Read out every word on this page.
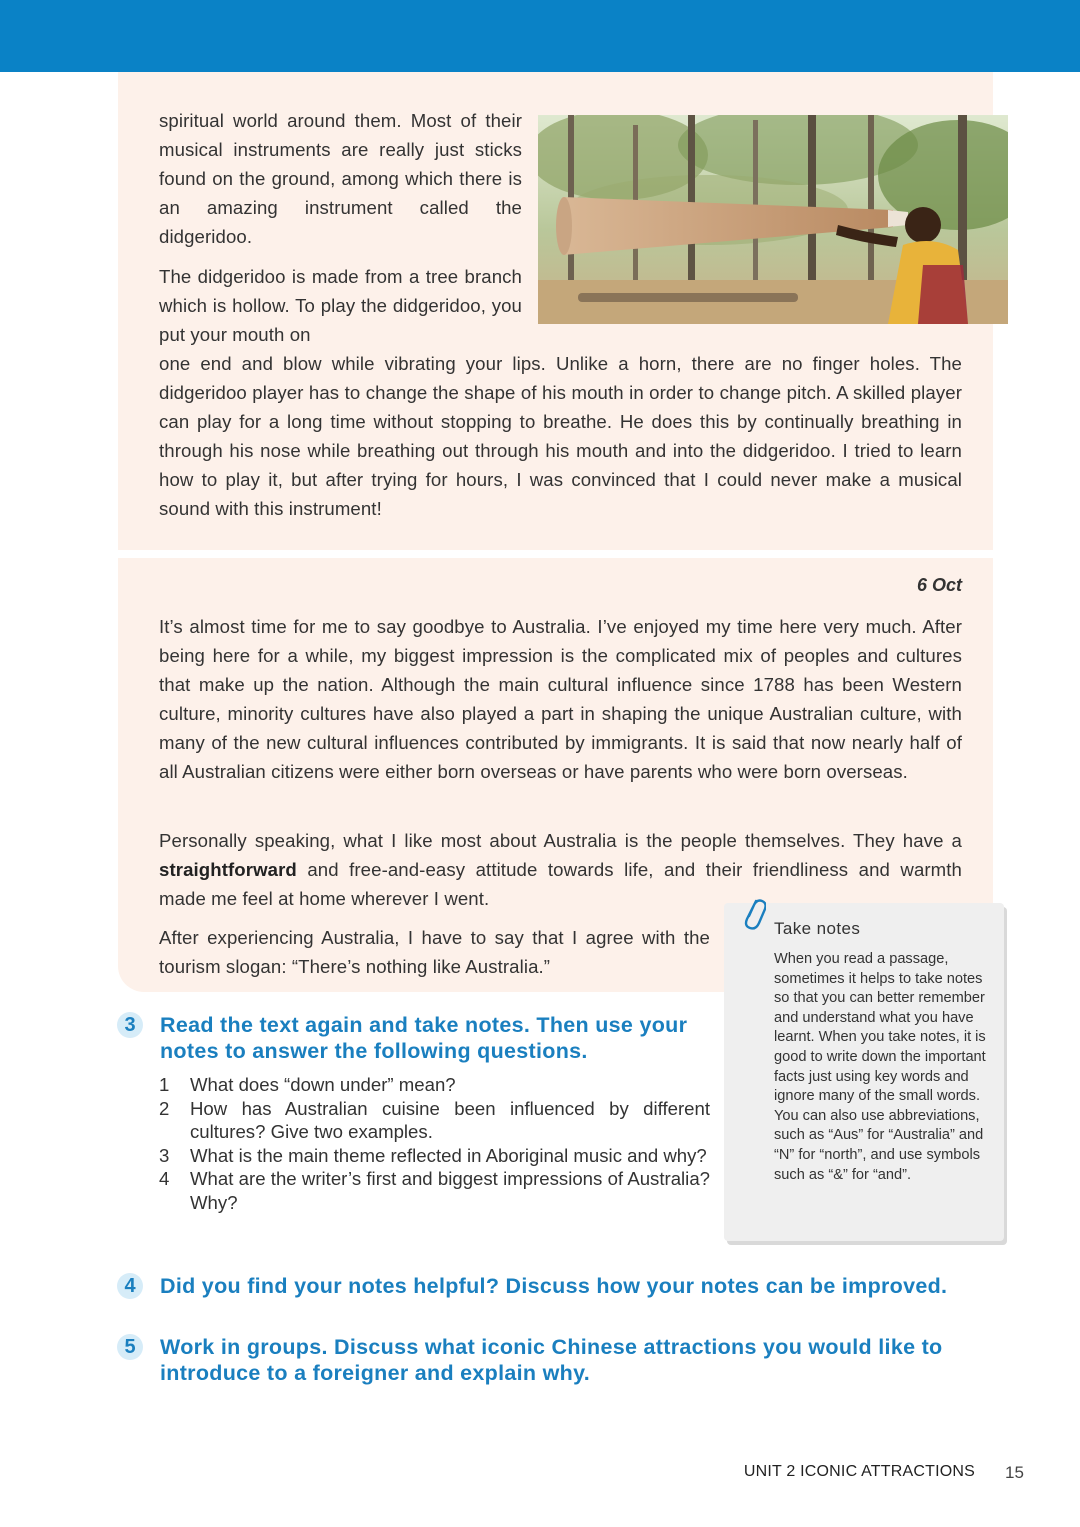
spiritual world around them. Most of their musical instruments are really just sticks found on the ground, among which there is an amazing instrument called the didgeridoo.

The didgeridoo is made from a tree branch which is hollow. To play the didgeridoo, you put your mouth on

one end and blow while vibrating your lips. Unlike a horn, there are no finger holes. The didgeridoo player has to change the shape of his mouth in order to change pitch. A skilled player can play for a long time without stopping to breathe. He does this by continually breathing in through his nose while breathing out through his mouth and into the didgeridoo. I tried to learn how to play it, but after trying for hours, I was convinced that I could never make a musical sound with this instrument!

6 Oct

It’s almost time for me to say goodbye to Australia. I’ve enjoyed my time here very much. After being here for a while, my biggest impression is the complicated mix of peoples and cultures that make up the nation. Although the main cultural influence since 1788 has been Western culture, minority cultures have also played a part in shaping the unique Australian culture, with many of the new cultural influences contributed by immigrants. It is said that now nearly half of all Australian citizens were either born overseas or have parents who were born overseas.

Personally speaking, what I like most about Australia is the people themselves. They have a straightforward and free-and-easy attitude towards life, and their friendliness and warmth made me feel at home wherever I went.

After experiencing Australia, I have to say that I agree with the tourism slogan: “There’s nothing like Australia.”

Take notes

When you read a passage, sometimes it helps to take notes so that you can better remember and understand what you have learnt. When you take notes, it is good to write down the important facts just using key words and ignore many of the small words. You can also use abbreviations, such as “Aus” for “Australia” and “N” for “north”, and use symbols such as “&” for “and”.

3	Read the text again and take notes. Then use your notes to answer the following questions.

1	What does “down under” mean?
2	How has Australian cuisine been influenced by different cultures? Give two examples.
3	What is the main theme reflected in Aboriginal music and why?
4	What are the writer’s first and biggest impressions of Australia? Why?
4	Did you find your notes helpful? Discuss how your notes can be improved.

5	Work in groups. Discuss what iconic Chinese attractions you would like to introduce to a foreigner and explain why.

UNIT 2 ICONIC ATTRACTIONS 15
